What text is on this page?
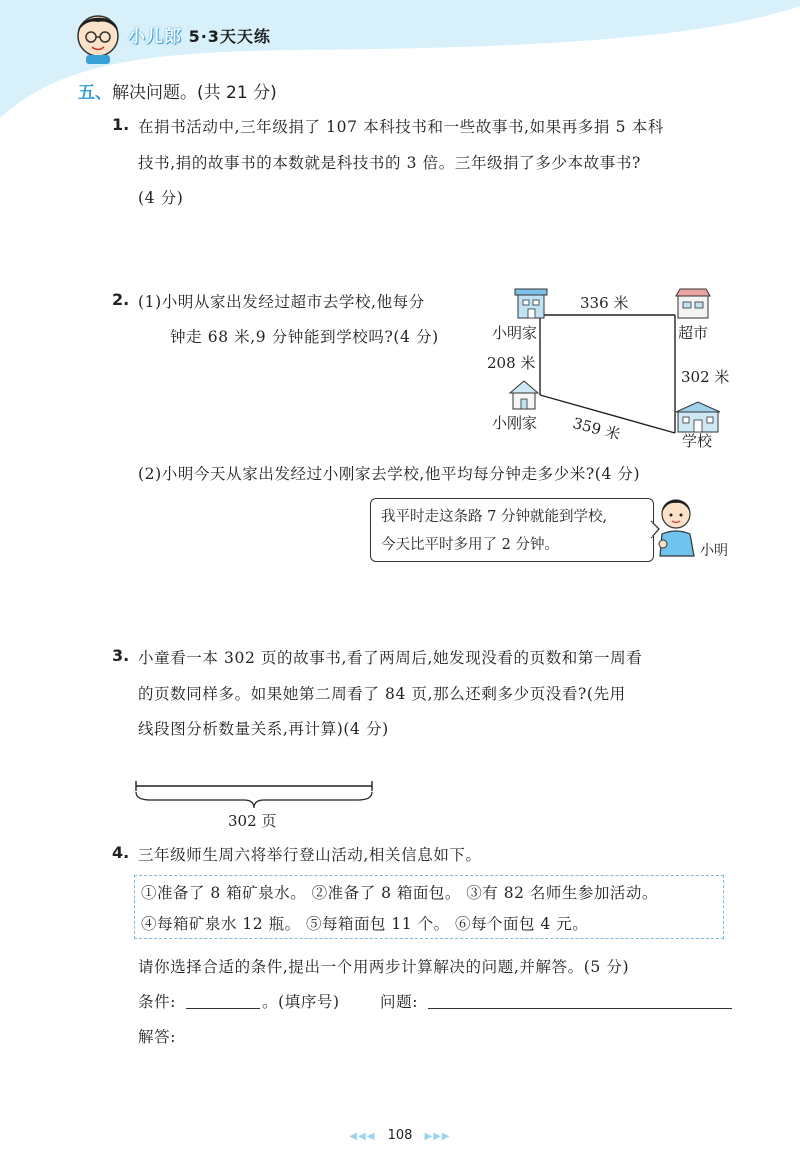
小儿郎 5·3天天练
五、解决问题。(共 21 分)
1. 在捐书活动中,三年级捐了 107 本科技书和一些故事书,如果再多捐 5 本科
技书,捐的故事书的本数就是科技书的 3 倍。三年级捐了多少本故事书?
(4 分)
2. (1)小明从家出发经过超市去学校,他每分
钟走 68 米,9 分钟能到学校吗?(4 分)	小明家	超市
小刚家
学校
336 米
302 米
208 米
359 米
(2)小明今天从家出发经过小刚家去学校,他平均每分钟走多少米?(4 分)
我平时走这条路 7 分钟就能到学校,
今天比平时多用了 2 分钟。	小明
3. 小童看一本 302 页的故事书,看了两周后,她发现没看的页数和第一周看
的页数同样多。如果她第二周看了 84 页,那么还剩多少页没看?(先用
线段图分析数量关系,再计算)(4 分)
302 页
4. 三年级师生周六将举行登山活动,相关信息如下。
①准备了 8 箱矿泉水。 ②准备了 8 箱面包。 ③有 82 名师生参加活动。
④每箱矿泉水 12 瓶。 ⑤每箱面包 11 个。 ⑥每个面包 4 元。
请你选择合适的条件,提出一个用两步计算解决的问题,并解答。(5 分)
条件:	。(填序号)	问题:
解答:
◀◀◀ 108 ▶▶▶
